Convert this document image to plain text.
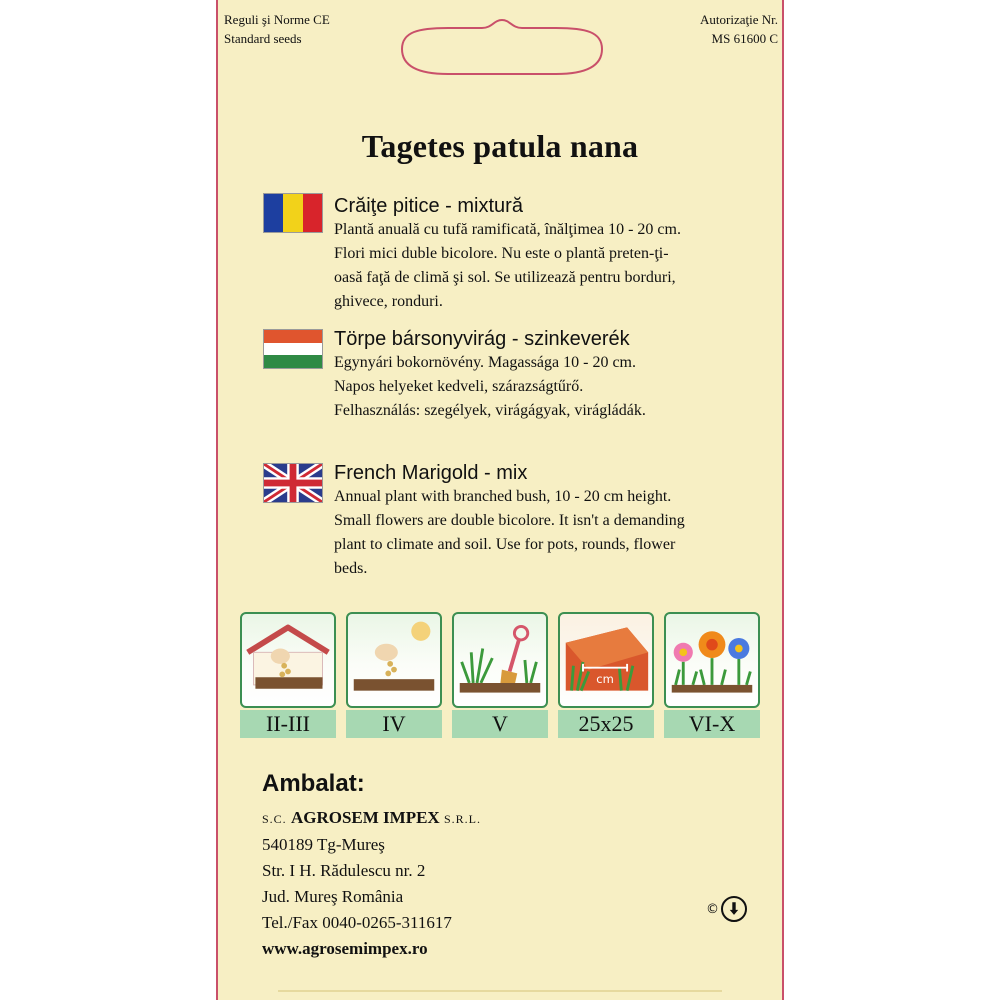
Reguli şi Norme CE
Standard seeds
Autorizaţie Nr.
MS 61600 C
Tagetes patula nana
Crăiţe pitice - mixtură

Plantă anuală cu tufă ramificată, înălţimea 10 - 20 cm.

Flori mici duble bicolore. Nu este o plantă preten-ţi-

oasă faţă de climă şi sol. Se utilizează pentru borduri,

ghivece, ronduri.

Törpe bársonyvirág - szinkeverék

Egynyári bokornövény. Magassága 10 - 20 cm.

Napos helyeket kedveli, szárazságtűrő.

Felhasználás: szegélyek, virágágyak, virágládák.

French Marigold - mix

Annual plant with branched bush, 10 - 20 cm height.

Small flowers are double bicolore. It isn't a demanding

plant to climate and soil. Use for pots, rounds, flower

beds.

II-III	IV	V
cm
25x25	VI-X
Ambalat:
S.C. AGROSEM IMPEX S.R.L.
540189 Tg-Mureş
Str. I H. Rădulescu nr. 2
Jud. Mureş România
Tel./Fax 0040-0265-311617
www.agrosemimpex.ro
©
